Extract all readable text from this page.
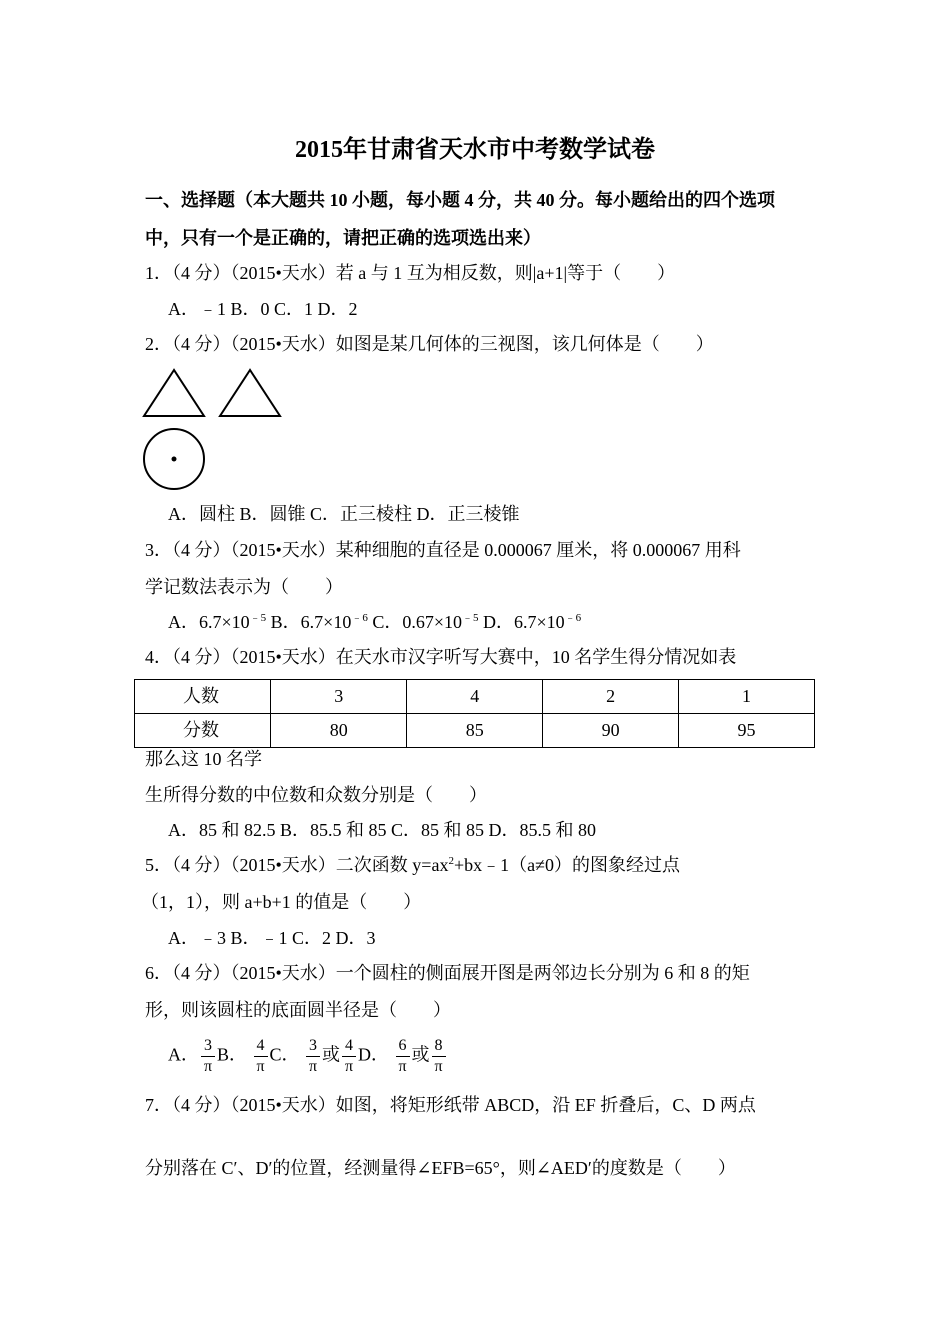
2015年甘肃省天水市中考数学试卷
一、选择题（本大题共 10 小题，每小题 4 分，共 40 分。每小题给出的四个选项
中，只有一个是正确的，请把正确的选项选出来）
1．（4 分）（2015•天水）若 a 与 1 互为相反数，则|a+1|等于（　　）
A．﹣1 B．0 C．1 D．2
2．（4 分）（2015•天水）如图是某几何体的三视图，该几何体是（　　）
A．圆柱 B．圆锥 C．正三棱柱 D．正三棱锥
3．（4 分）（2015•天水）某种细胞的直径是 0.000067 厘米，将 0.000067 用科
学记数法表示为（　　）
A．$6.7\times 10^{﹣5}$ B．$6.7\times 10^{﹣6}$ C．$0.67\times 10^{﹣5}$ D．$6.7\times 10^{﹣6}$
4．（4 分）（2015•天水）在天水市汉字听写大赛中，10 名学生得分情况如表
人数	3	4	2	1
分数	80	85	90	95
那么这 10 名学
生所得分数的中位数和众数分别是（　　）
A．85 和 82.5 B．85.5 和 85 C．85 和 85 D．85.5 和 80
5．（4 分）（2015•天水）二次函数 $y=ax^2+bx﹣1(a\ne 0)$的图象经过点
（1，1），则 a+b+1 的值是（　　）
A．﹣3 B．﹣1 C．2 D．3
6．（4 分）（2015•天水）一个圆柱的侧面展开图是两邻边长分别为 6 和 8 的矩
形，则该圆柱的底面圆半径是（　　）
A． $\frac{3}{\pi}$ B． $\frac{4}{\pi}$ C． $\frac{3}{\pi}$ 或 $\frac{4}{\pi}$ D． $\frac{6}{\pi}$ 或 $\frac{8}{\pi}$
7．（4 分）（2015•天水）如图，将矩形纸带 ABCD，沿 EF 折叠后，C、D 两点
分别落在 C′、D′的位置，经测量得∠EFB=65°，则∠AED′的度数是（　　）
